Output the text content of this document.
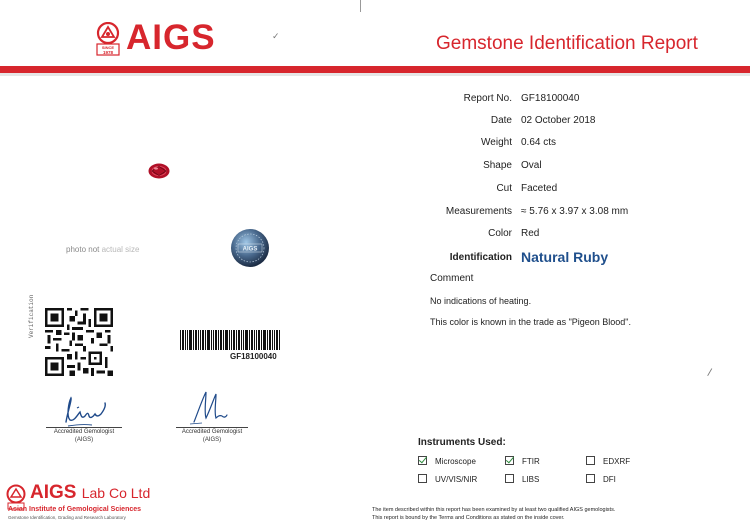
SINCE
1978 AIGS	✓	Gemstone Identification Report
Report No. GF18100040
Date 02 October 2018
Weight 0.64 cts
Shape Oval
Cut Faceted
Measurements ≈ 5.76 x 3.97 x 3.08 mm
Color Red
Identification Natural Ruby
Comment
No indications of heating.
This color is known in the trade as "Pigeon Blood".
/
photo not actual size	AIGS
Verification
GF18100040
Accredited Gemologist
(AIGS)
Accredited Gemologist
(AIGS)	Instruments Used:
Microscope	FTIR	EDXRF
UV/VIS/NIR	LIBS	DFI
AIGS Lab Co Ltd
Asian Institute of Gemological Sciences
Gemstone Identification, Grading and Research Laboratory
The item described within this report has been examined by at least two qualified AIGS gemologists.
This report is bound by the Terms and Conditions as stated on the inside cover.
